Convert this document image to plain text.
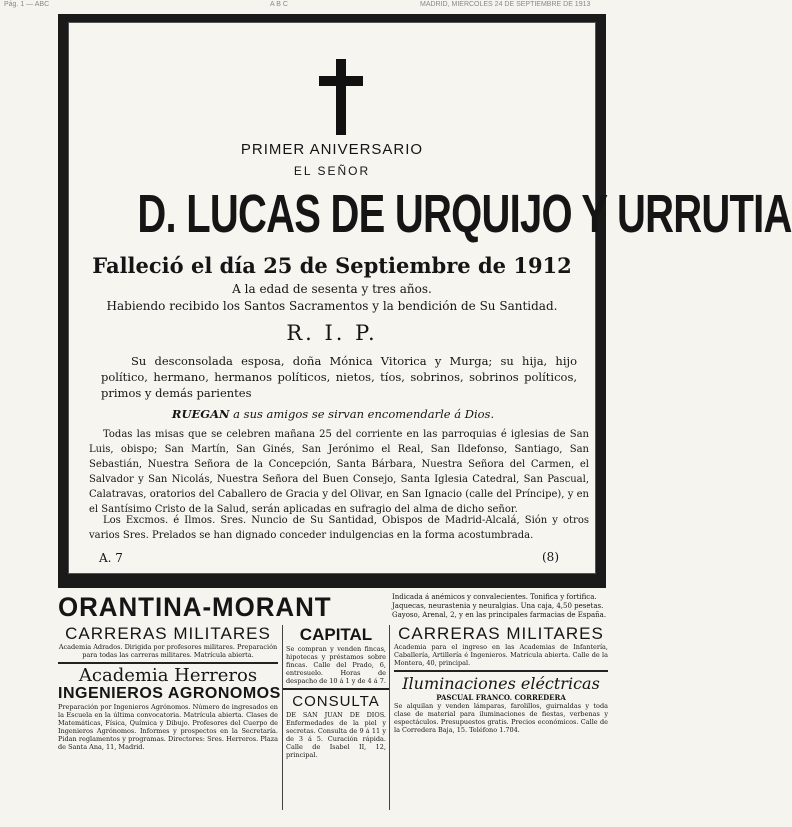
Pág. 1 — ABC	A B C	MADRID, MIERCOLES 24 DE SEPTIEMBRE DE 1913
PRIMER ANIVERSARIO
EL SEÑOR
D. LUCAS DE URQUIJO Y URRUTIA
Falleció el día 25 de Septiembre de 1912
A la edad de sesenta y tres años.
Habiendo recibido los Santos Sacramentos y la bendición de Su Santidad.
R. I. P.
Su desconsolada esposa, doña Mónica Vitorica y Murga; su hija, hijo político, hermano, hermanos políticos, nietos, tíos, sobrinos, sobrinos políticos, primos y demás parientes
RUEGAN a sus amigos se sirvan encomendarle á Dios.
Todas las misas que se celebren mañana 25 del corriente en las parroquias é iglesias de San Luis, obispo; San Martín, San Ginés, San Jerónimo el Real, San Ildefonso, Santiago, San Sebastián, Nuestra Señora de la Concepción, Santa Bárbara, Nuestra Señora del Carmen, el Salvador y San Nicolás, Nuestra Señora del Buen Consejo, Santa Iglesia Catedral, San Pascual, Calatravas, oratorios del Caballero de Gracia y del Olivar, en San Ignacio (calle del Príncipe), y en el Santísimo Cristo de la Salud, serán aplicadas en sufragio del alma de dicho señor.
Los Excmos. é Ilmos. Sres. Nuncio de Su Santidad, Obispos de Madrid-Alcalá, Sión y otros varios Sres. Prelados se han dignado conceder indulgencias en la forma acostumbrada.
A. 7	(8)
ORANTINA-MORANT	Indicada á anémicos y convalecientes. Tonifica y fortifica. Jaquecas, neurastenia y neuralgias. Una caja, 4,50 pesetas. Gayoso, Arenal, 2, y en las principales farmacias de España.
CARRERAS MILITARES
Academia Adrados. Dirigida por profesores militares. Preparación para todas las carreras militares. Matrícula abierta.
Academia Herreros
INGENIEROS AGRONOMOS
Preparación por Ingenieros Agrónomos. Número de ingresados en la Escuela en la última convocatoria. Matrícula abierta. Clases de Matemáticas, Física, Química y Dibujo. Profesores del Cuerpo de Ingenieros Agrónomos. Informes y prospectos en la Secretaría. Pidan reglamentos y programas. Directores: Sres. Herreros. Plaza de Santa Ana, 11, Madrid.
CAPITAL
Se compran y venden fincas, hipotecas y préstamos sobre fincas. Calle del Prado, 6, entresuelo. Horas de despacho de 10 á 1 y de 4 á 7.
CONSULTA
DE SAN JUAN DE DIOS. Enfermedades de la piel y secretas. Consulta de 9 á 11 y de 3 á 5. Curación rápida. Calle de Isabel II, 12, principal.
CARRERAS MILITARES
Academia para el ingreso en las Academias de Infantería, Caballería, Artillería é Ingenieros. Matrícula abierta. Calle de la Montera, 40, principal.
Iluminaciones eléctricas
PASCUAL FRANCO. CORREDERA
Se alquilan y venden lámparas, farolillos, guirnaldas y toda clase de material para iluminaciones de fiestas, verbenas y espectáculos. Presupuestos gratis. Precios económicos. Calle de la Corredera Baja, 15. Teléfono 1.704.
